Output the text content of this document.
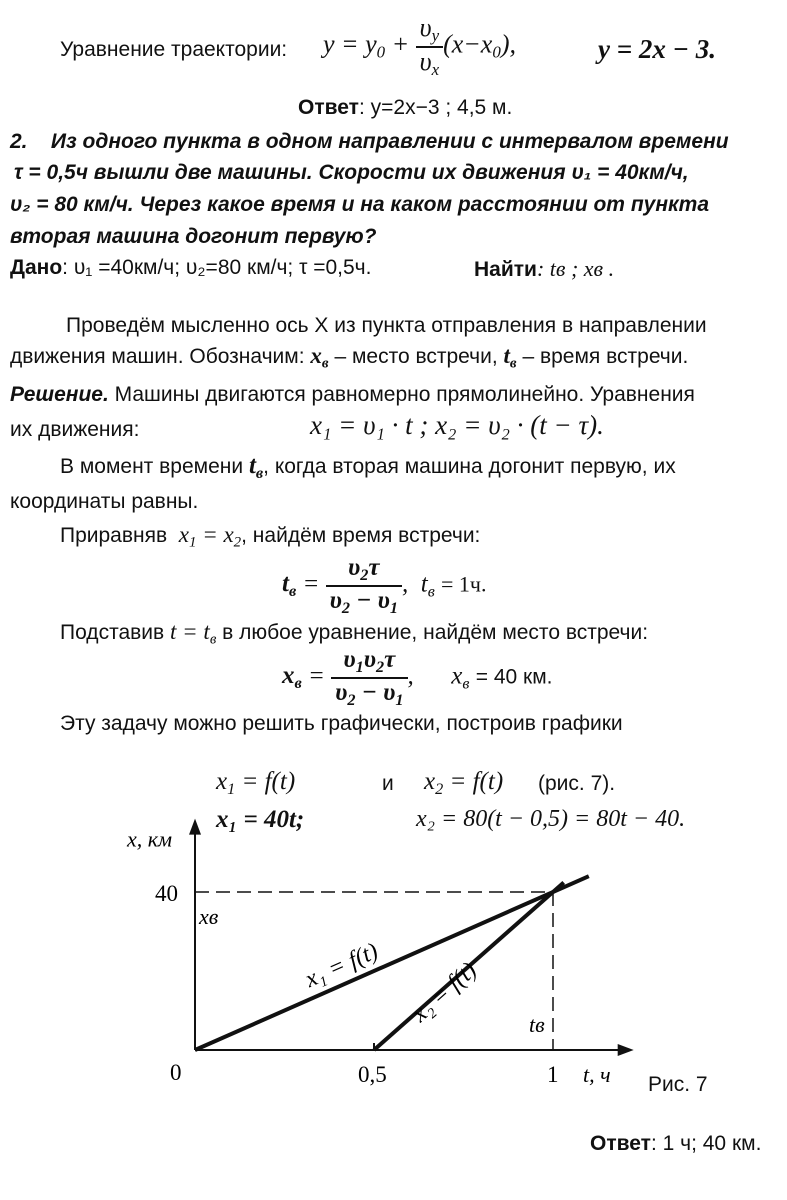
Уравнение траектории: $y = y_0 + \frac{\upsilon_y}{\upsilon_x} (x-x_0)$,	y = 2x − 3.
Ответ: y=2x−3 ; 4,5 м.
2. Из одного пункта в одном направлении с интервалом времени
τ = 0,5ч вышли две машины. Скорости их движения υ₁ = 40км/ч,
υ₂ = 80 км/ч. Через какое время и на каком расстоянии от пункта
вторая машина догонит первую?
Дано: υ₁ =40км/ч; υ₂=80 км/ч; τ =0,5ч.	Найти: tв ; xв .
Проведём мысленно ось X из пункта отправления в направлении
движения машин. Обозначим: $x_в$ – место встречи, $t_в$ – время встречи.
Решение. Машины двигаются равномерно прямолинейно. Уравнения
их движения:	x₁ = υ₁ · t ; x₂ = υ₂ · (t − τ).
В момент времени $t_в$, когда вторая машина догонит первую, их
координаты равны.
Приравняв  $x_1 = x_2$, найдём время встречи:
$t_в = \frac{\upsilon_2\tau}{\upsilon_2 - \upsilon_1}$ ,  $t_в = 1ч$.
Подставив $t = t_в$ в любое уравнение, найдём место встречи:
$x_в = \frac{\upsilon_1\upsilon_2\tau}{\upsilon_2 - \upsilon_1}$ ,      $x_в = 40$ км.
Эту задачу можно решить графически, построив графики
$x_1 = f(t)$	и $x_2 = f(t)$ (рис. 7).
x₁ = 40t;	x₂ = 80(t − 0,5) = 80t − 40.
x, км
t, ч
0	0,5	1
40
xв
tв
x₁ = f(t) x₂ = f(t)
Рис. 7
Ответ: 1 ч; 40 км.
